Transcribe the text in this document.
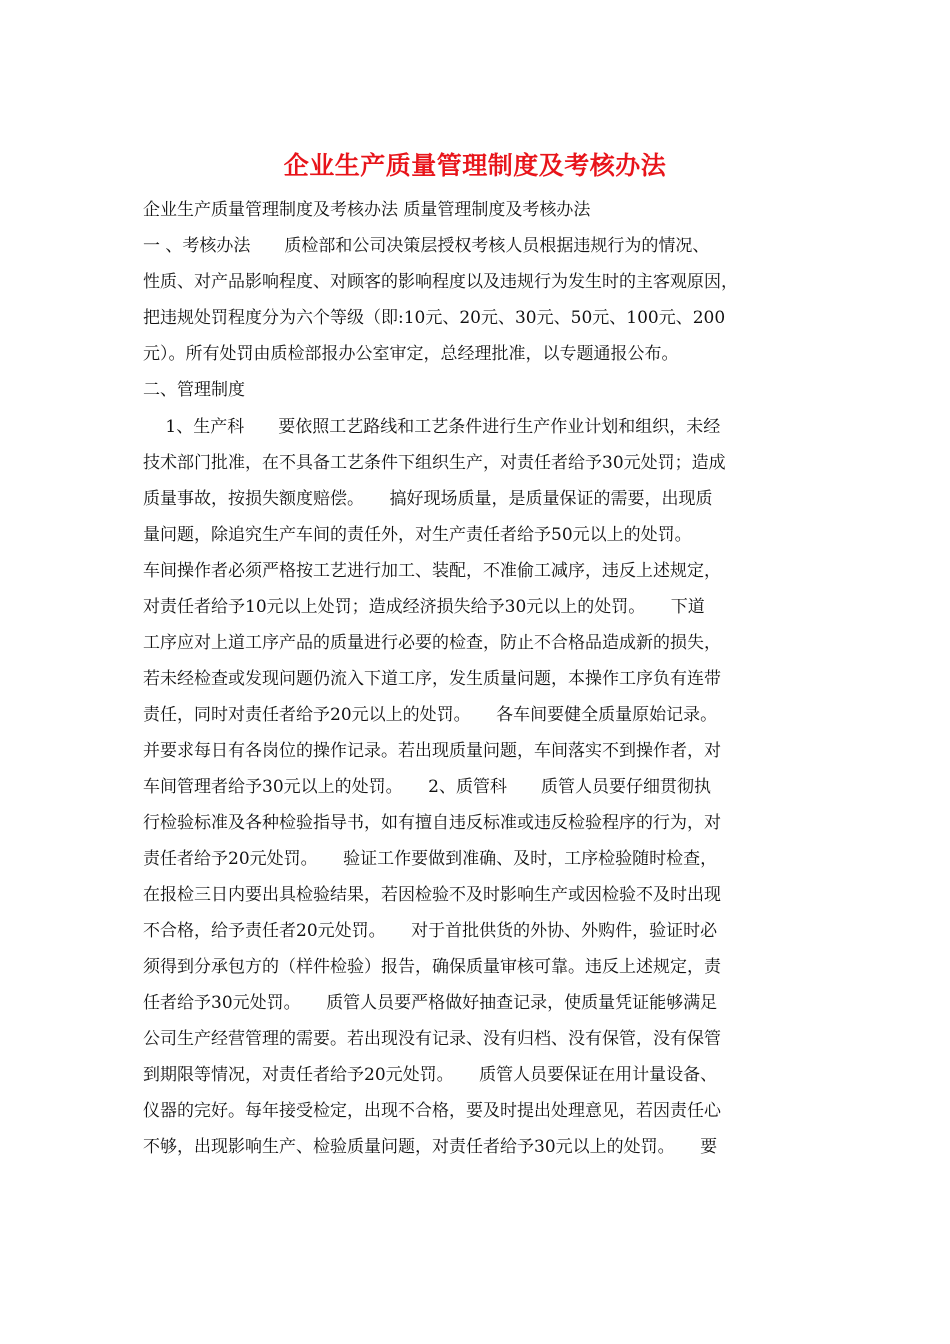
企业生产质量管理制度及考核办法
企业生产质量管理制度及考核办法 质量管理制度及考核办法
一 、考核办法　　质检部和公司决策层授权考核人员根据违规行为的情况、
性质、对产品影响程度、对顾客的影响程度以及违规行为发生时的主客观原因，
把违规处罚程度分为六个等级（即:10元、20元、30元、50元、100元、200
元）。所有处罚由质检部报办公室审定，总经理批准，以专题通报公布。
二、管理制度
　 1、生产科　　要依照工艺路线和工艺条件进行生产作业计划和组织，未经
技术部门批准，在不具备工艺条件下组织生产，对责任者给予30元处罚；造成
质量事故，按损失额度赔偿。　　搞好现场质量，是质量保证的需要，出现质
量问题，除追究生产车间的责任外，对生产责任者给予50元以上的处罚。
车间操作者必须严格按工艺进行加工、装配，不准偷工减序，违反上述规定，
对责任者给予10元以上处罚；造成经济损失给予30元以上的处罚。　　下道
工序应对上道工序产品的质量进行必要的检查，防止不合格品造成新的损失，
若未经检查或发现问题仍流入下道工序，发生质量问题，本操作工序负有连带
责任，同时对责任者给予20元以上的处罚。　　各车间要健全质量原始记录。
并要求每日有各岗位的操作记录。若出现质量问题，车间落实不到操作者，对
车间管理者给予30元以上的处罚。　　2、质管科　　质管人员要仔细贯彻执
行检验标准及各种检验指导书，如有擅自违反标准或违反检验程序的行为，对
责任者给予20元处罚。　　验证工作要做到准确、及时，工序检验随时检查，
在报检三日内要出具检验结果，若因检验不及时影响生产或因检验不及时出现
不合格，给予责任者20元处罚。　　对于首批供货的外协、外购件，验证时必
须得到分承包方的（样件检验）报告，确保质量审核可靠。违反上述规定，责
任者给予30元处罚。　　质管人员要严格做好抽查记录，使质量凭证能够满足
公司生产经营管理的需要。若出现没有记录、没有归档、没有保管，没有保管
到期限等情况，对责任者给予20元处罚。　　质管人员要保证在用计量设备、
仪器的完好。每年接受检定，出现不合格，要及时提出处理意见，若因责任心
不够，出现影响生产、检验质量问题，对责任者给予30元以上的处罚。　　要
